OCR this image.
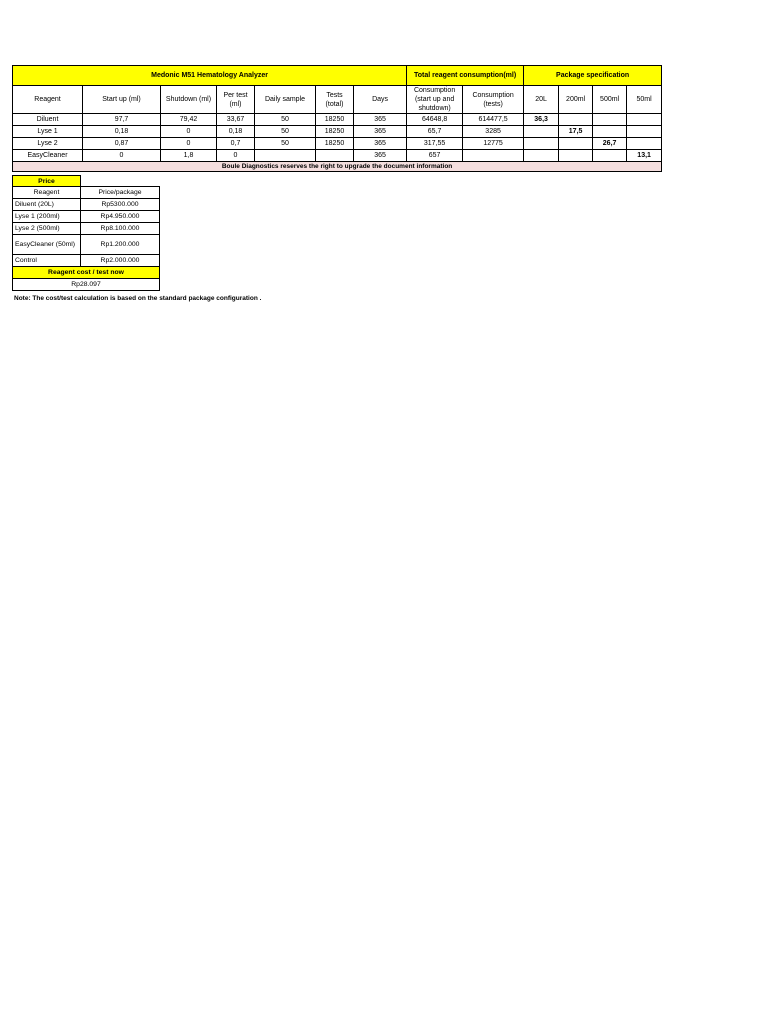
Medonic M51 Hematology Analyzer							Total reagent consumption(ml)		Package specification			
Reagent	Start up (ml)	Shutdown (ml)	Per test (ml)	Daily sample	Tests (total)	Days	Consumption (start up and shutdown)	Consumption (tests)	20L	200ml	500ml	50ml
Diluent	97,7	79,42	33,67	50	18250	365	64648,8	614477,5	36,3			
Lyse 1	0,18	0	0,18	50	18250	365	65,7	3285		17,5		
Lyse 2	0,87	0	0,7	50	18250	365	317,55	12775			26,7	
EasyCleaner	0	1,8	0			365	657					13,1
Boule Diagnostics reserves the right to upgrade the document information												
Price	
Reagent	Price/package
Diluent (20L)	Rp5300.000
Lyse 1 (200ml)	Rp4.950.000
Lyse 2 (500ml)	Rp8.100.000
EasyCleaner (50ml)	Rp1.200.000
Control	Rp2.000.000
Reagent cost / test now	
Rp28.097	
Note: The cost/test calculation is based on the standard package configuration .
